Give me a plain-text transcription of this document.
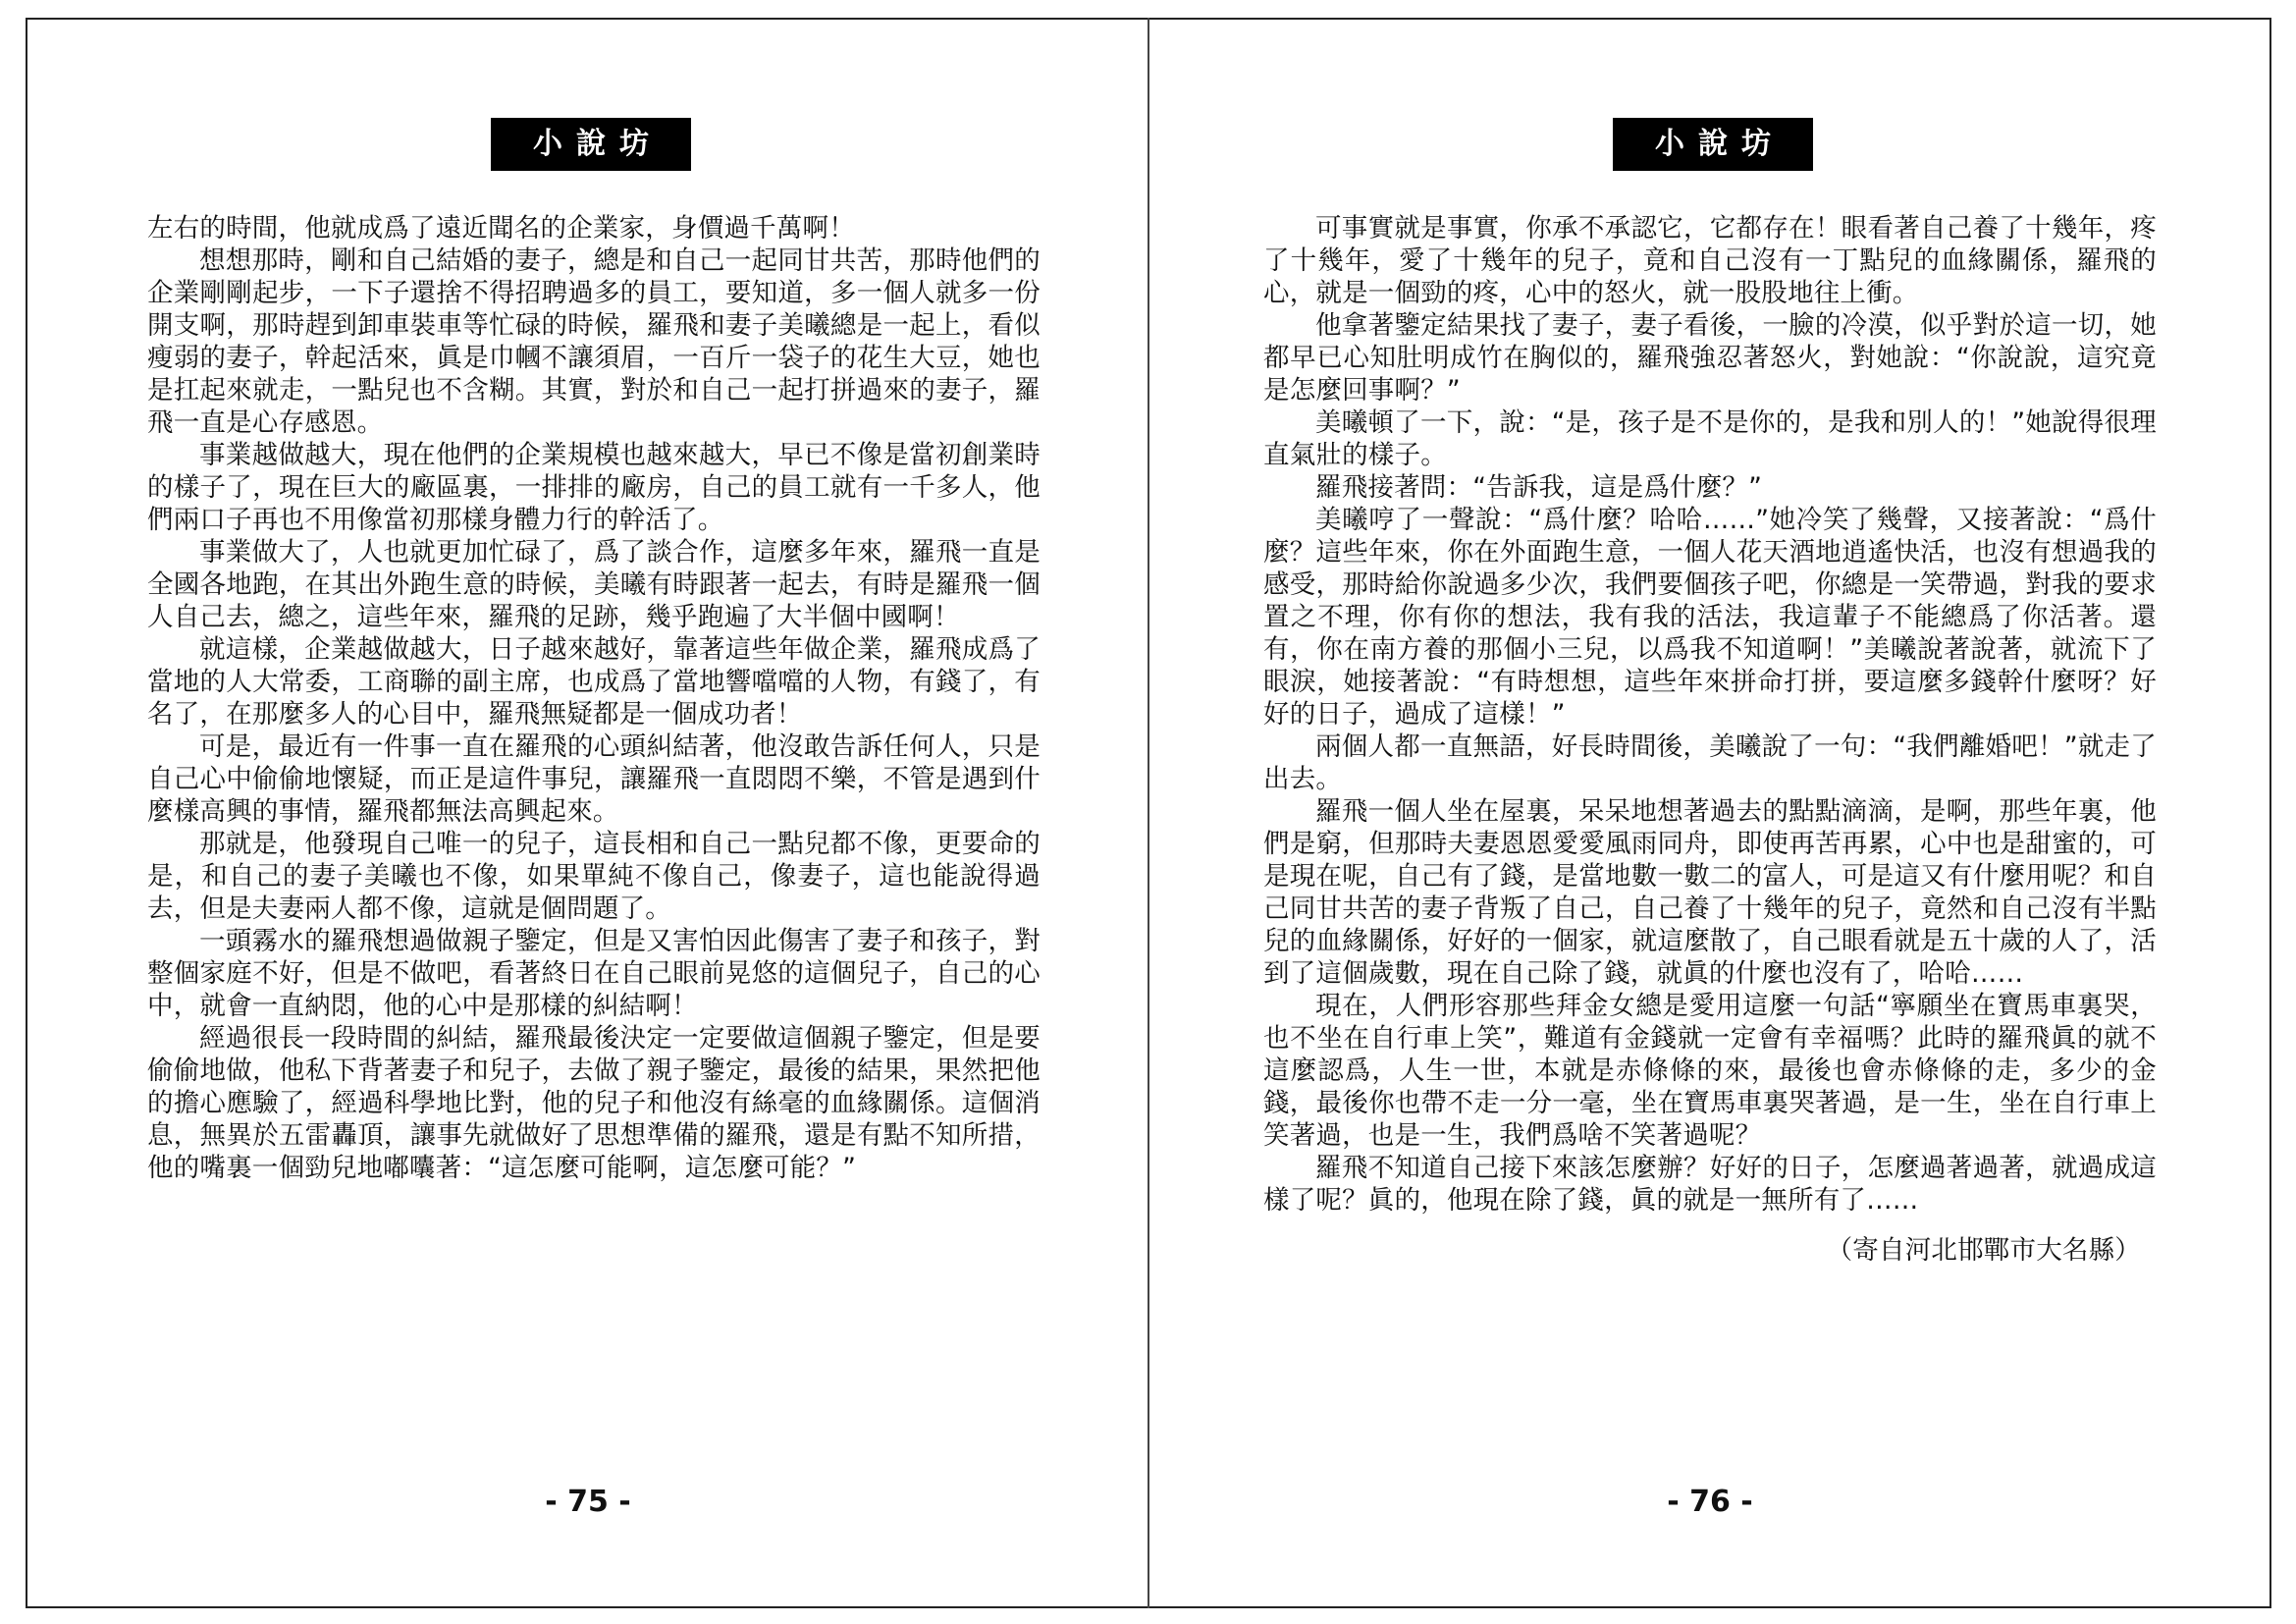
小說坊

左右的時間，他就成爲了遠近聞名的企業家，身價過千萬啊！

想想那時，剛和自己結婚的妻子，總是和自己一起同甘共苦，那時他們的企業剛剛起步，一下子還捨不得招聘過多的員工，要知道，多一個人就多一份開支啊，那時趕到卸車裝車等忙碌的時候，羅飛和妻子美曦總是一起上，看似瘦弱的妻子，幹起活來，眞是巾幗不讓須眉，一百斤一袋子的花生大豆，她也是扛起來就走，一點兒也不含糊。其實，對於和自己一起打拼過來的妻子，羅飛一直是心存感恩。

事業越做越大，現在他們的企業規模也越來越大，早已不像是當初創業時的樣子了，現在巨大的廠區裏，一排排的廠房，自己的員工就有一千多人，他們兩口子再也不用像當初那樣身體力行的幹活了。

事業做大了，人也就更加忙碌了，爲了談合作，這麼多年來，羅飛一直是全國各地跑，在其出外跑生意的時候，美曦有時跟著一起去，有時是羅飛一個人自己去，總之，這些年來，羅飛的足跡，幾乎跑遍了大半個中國啊！

就這樣，企業越做越大，日子越來越好，靠著這些年做企業，羅飛成爲了當地的人大常委，工商聯的副主席，也成爲了當地響噹噹的人物，有錢了，有名了，在那麼多人的心目中，羅飛無疑都是一個成功者！

可是，最近有一件事一直在羅飛的心頭糾結著，他沒敢告訴任何人，只是自己心中偷偷地懷疑，而正是這件事兒，讓羅飛一直悶悶不樂，不管是遇到什麼樣高興的事情，羅飛都無法高興起來。

那就是，他發現自己唯一的兒子，這長相和自己一點兒都不像，更要命的是，和自己的妻子美曦也不像，如果單純不像自己，像妻子，這也能說得過去，但是夫妻兩人都不像，這就是個問題了。

一頭霧水的羅飛想過做親子鑒定，但是又害怕因此傷害了妻子和孩子，對整個家庭不好，但是不做吧，看著終日在自己眼前晃悠的這個兒子，自己的心中，就會一直納悶，他的心中是那樣的糾結啊！

經過很長一段時間的糾結，羅飛最後決定一定要做這個親子鑒定，但是要偷偷地做，他私下背著妻子和兒子，去做了親子鑒定，最後的結果，果然把他的擔心應驗了，經過科學地比對，他的兒子和他沒有絲毫的血緣關係。這個消息，無異於五雷轟頂，讓事先就做好了思想準備的羅飛，還是有點不知所措，他的嘴裏一個勁兒地嘟囔著：“這怎麼可能啊，這怎麼可能？”

- 75 -
小說坊

可事實就是事實，你承不承認它，它都存在！眼看著自己養了十幾年，疼了十幾年，愛了十幾年的兒子，竟和自己沒有一丁點兒的血緣關係，羅飛的心，就是一個勁的疼，心中的怒火，就一股股地往上衝。

他拿著鑒定結果找了妻子，妻子看後，一臉的冷漠，似乎對於這一切，她都早已心知肚明成竹在胸似的，羅飛強忍著怒火，對她說：“你說說，這究竟是怎麼回事啊？”

美曦頓了一下，說：“是，孩子是不是你的，是我和別人的！”她說得很理直氣壯的樣子。

羅飛接著問：“告訴我，這是爲什麼？”

美曦哼了一聲說：“爲什麼？哈哈……”她冷笑了幾聲，又接著說：“爲什麼？這些年來，你在外面跑生意，一個人花天酒地逍遙快活，也沒有想過我的感受，那時給你說過多少次，我們要個孩子吧，你總是一笑帶過，對我的要求置之不理，你有你的想法，我有我的活法，我這輩子不能總爲了你活著。還有，你在南方養的那個小三兒，以爲我不知道啊！”美曦說著說著，就流下了眼淚，她接著說：“有時想想，這些年來拼命打拼，要這麼多錢幹什麼呀？好好的日子，過成了這樣！”

兩個人都一直無語，好長時間後，美曦說了一句：“我們離婚吧！”就走了出去。

羅飛一個人坐在屋裏，呆呆地想著過去的點點滴滴，是啊，那些年裏，他們是窮，但那時夫妻恩恩愛愛風雨同舟，即使再苦再累，心中也是甜蜜的，可是現在呢，自己有了錢，是當地數一數二的富人，可是這又有什麼用呢？和自己同甘共苦的妻子背叛了自己，自己養了十幾年的兒子，竟然和自己沒有半點兒的血緣關係，好好的一個家，就這麼散了，自己眼看就是五十歲的人了，活到了這個歲數，現在自己除了錢，就眞的什麼也沒有了，哈哈……

現在，人們形容那些拜金女總是愛用這麼一句話“寧願坐在寶馬車裏哭，也不坐在自行車上笑”，難道有金錢就一定會有幸福嗎？此時的羅飛眞的就不這麼認爲，人生一世，本就是赤條條的來，最後也會赤條條的走，多少的金錢，最後你也帶不走一分一毫，坐在寶馬車裏哭著過，是一生，坐在自行車上笑著過，也是一生，我們爲啥不笑著過呢？

羅飛不知道自己接下來該怎麼辦？好好的日子，怎麼過著過著，就過成這樣了呢？眞的，他現在除了錢，眞的就是一無所有了……

（寄自河北邯鄲市大名縣）

- 76 -
